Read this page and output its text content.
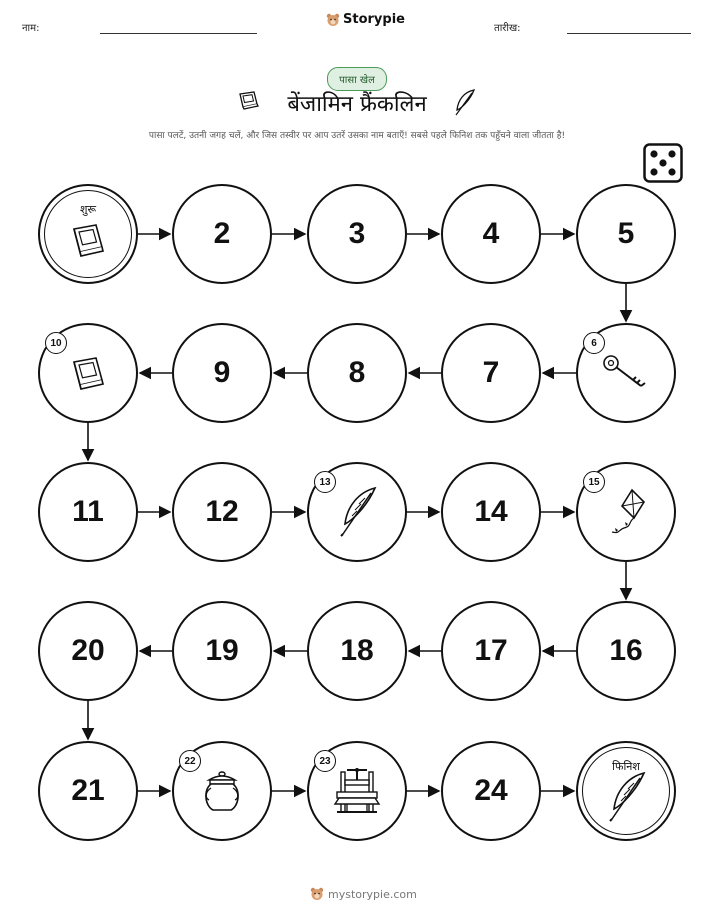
नाम:
Storypie
तारीख:
पासा खेल
बेंजामिन फ्रैंकलिन
पासा पलटें, उतनी जगह चलें, और जिस तस्वीर पर आप उतरें उसका नाम बताएँ! सबसे पहले फिनिश तक पहुँचने वाला जीतता है!
शुरू
2	3	4	5
6
7
8
9
10
11	12
13
14
15
16
17
18
19
20
21
22	23
24
फिनिश
mystorypie.com
